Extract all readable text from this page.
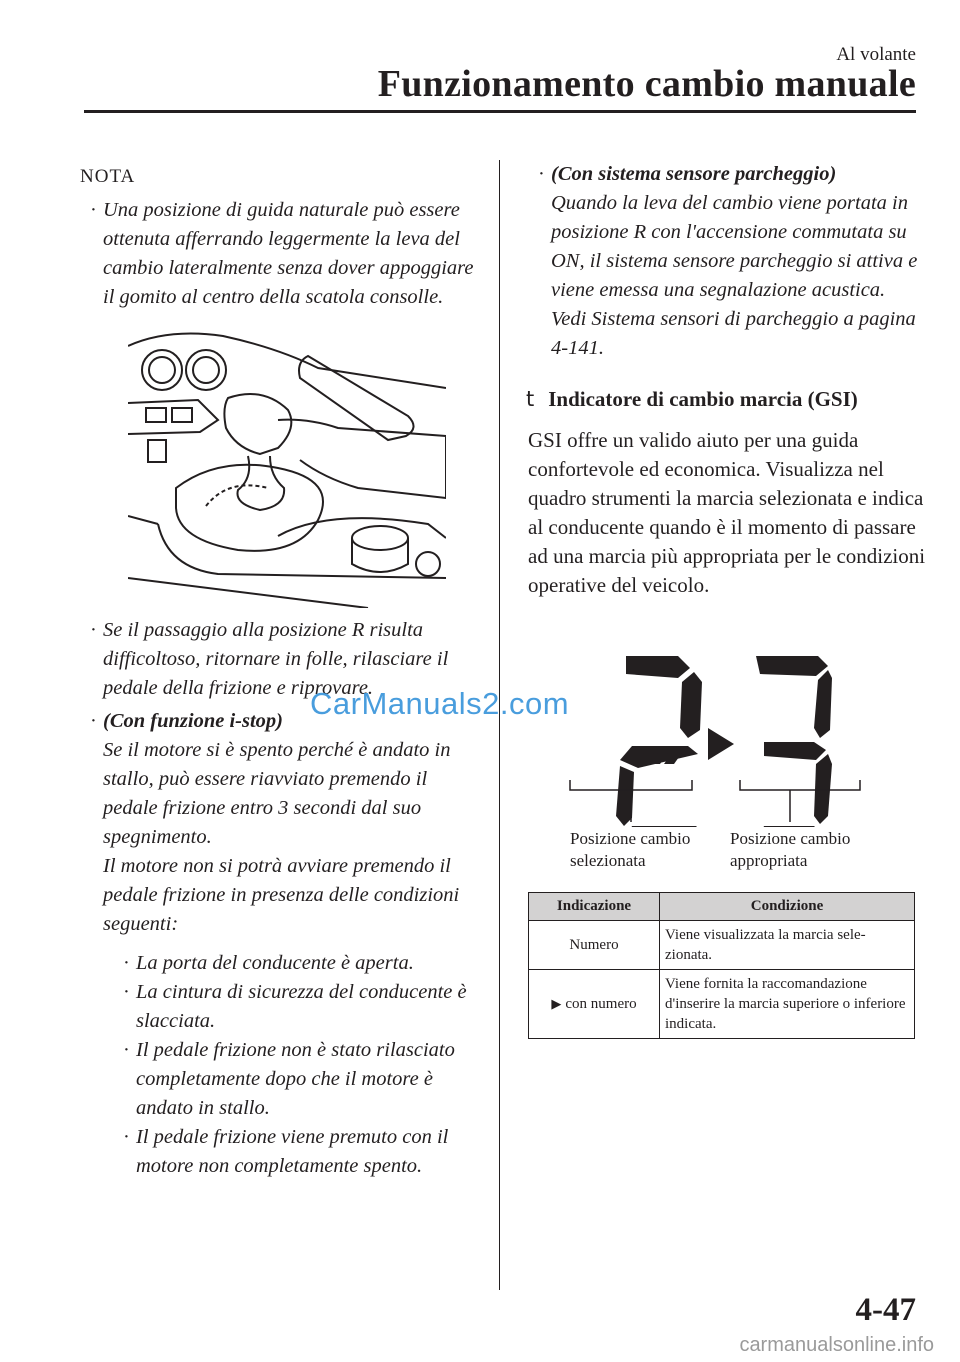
Al volante
Funzionamento cambio manuale
NOTA
· Una posizione di guida naturale può essere ottenuta afferrando leggermente la leva del cambio lateralmente senza dover appoggiare il gomito al centro della scatola consolle.
· Se il passaggio alla posizione R risulta difficoltoso, ritornare in folle, rilasciare il pedale della frizione e riprovare.
· (Con funzione i-stop)
Se il motore si è spento perché è andato in stallo, può essere riavviato premendo il pedale frizione entro 3 secondi dal suo spegnimento.
Il motore non si potrà avviare premendo il pedale frizione in presenza delle condizioni seguenti:
· La porta del conducente è aperta.
· La cintura di sicurezza del conducente è slacciata.
· Il pedale frizione non è stato rilasciato completamente dopo che il motore è andato in stallo.
· Il pedale frizione viene premuto con il motore non completamente spento.
CarManuals2.com
· (Con sistema sensore parcheggio)
Quando la leva del cambio viene portata in posizione R con l'accensione commutata su ON, il sistema sensore parcheggio si attiva e viene emessa una segnalazione acustica.
Vedi Sistema sensori di parcheggio a pagina 4-141.
t Indicatore di cambio marcia (GSI)

GSI offre un valido aiuto per una guida confortevole ed economica. Visualizza nel quadro strumenti la marcia selezionata e indica al conducente quando è il momento di passare ad una marcia più appropriata per le condizioni operative del veicolo.

Posizione cambio
selezionata
Posizione cambio
appropriata
Indicazione	Condizione
Numero	Viene visualizzata la marcia sele-zionata.
▶ con numero	Viene fornita la raccomandazione d'inserire la marcia superiore o inferiore indicata.
4-47
carmanualsonline.info
